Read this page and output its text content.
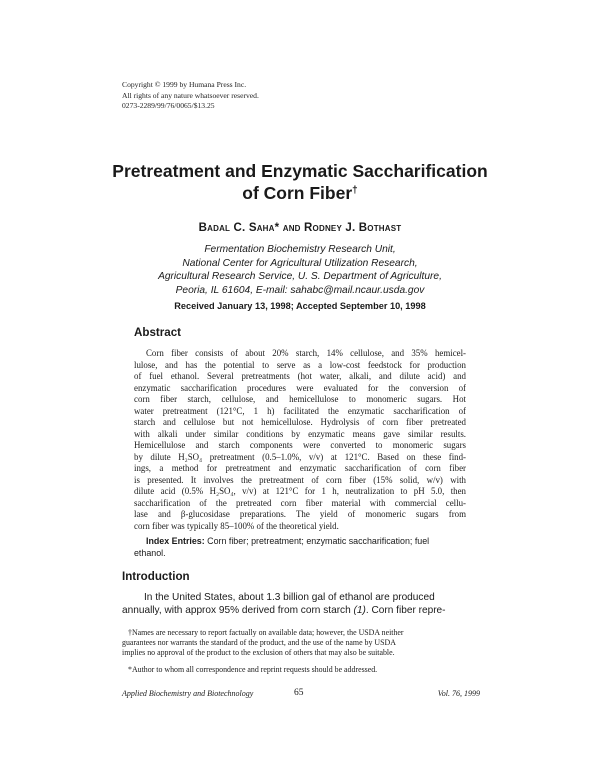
Copyright © 1999 by Humana Press Inc.
All rights of any nature whatsoever reserved.
0273-2289/99/76/0065/$13.25
Pretreatment and Enzymatic Saccharification
of Corn Fiber†
Badal C. Saha* and Rodney J. Bothast
Fermentation Biochemistry Research Unit,
National Center for Agricultural Utilization Research,
Agricultural Research Service, U. S. Department of Agriculture,
Peoria, IL 61604, E-mail: sahabc@mail.ncaur.usda.gov
Received January 13, 1998; Accepted September 10, 1998
Abstract
Corn fiber consists of about 20% starch, 14% cellulose, and 35% hemicel-
lulose, and has the potential to serve as a low-cost feedstock for production
of fuel ethanol. Several pretreatments (hot water, alkali, and dilute acid) and
enzymatic saccharification procedures were evaluated for the conversion of
corn fiber starch, cellulose, and hemicellulose to monomeric sugars. Hot
water pretreatment (121°C, 1 h) facilitated the enzymatic saccharification of
starch and cellulose but not hemicellulose. Hydrolysis of corn fiber pretreated
with alkali under similar conditions by enzymatic means gave similar results.
Hemicellulose and starch components were converted to monomeric sugars
by dilute H₂SO₄ pretreatment (0.5–1.0%, v/v) at 121°C. Based on these find-
ings, a method for pretreatment and enzymatic saccharification of corn fiber
is presented. It involves the pretreatment of corn fiber (15% solid, w/v) with
dilute acid (0.5% H₂SO₄, v/v) at 121°C for 1 h, neutralization to pH 5.0, then
saccharification of the pretreated corn fiber material with commercial cellu-
lase and β-glucosidase preparations. The yield of monomeric sugars from
corn fiber was typically 85–100% of the theoretical yield.
Index Entries: Corn fiber; pretreatment; enzymatic saccharification; fuel
ethanol.
Introduction
In the United States, about 1.3 billion gal of ethanol are produced
annually, with approx 95% derived from corn starch (1). Corn fiber repre-
†Names are necessary to report factually on available data; however, the USDA neither
guarantees nor warrants the standard of the product, and the use of the name by USDA
implies no approval of the product to the exclusion of others that may also be suitable.
*Author to whom all correspondence and reprint requests should be addressed.
Applied Biochemistry and Biotechnology	65	Vol. 76, 1999
